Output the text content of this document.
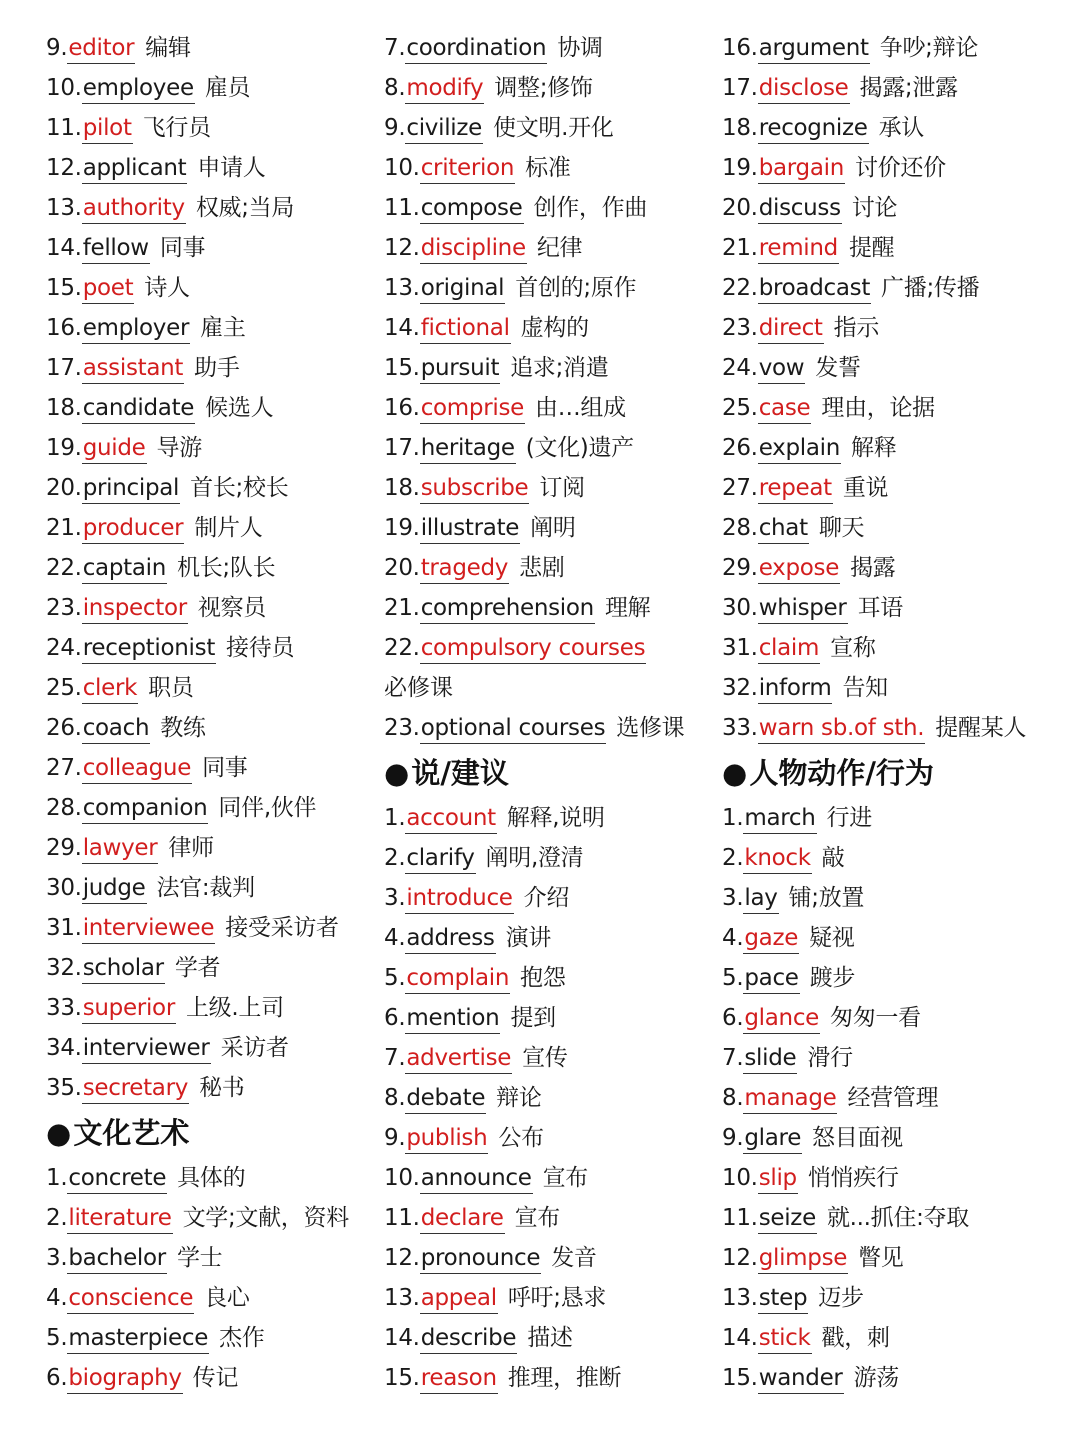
9.editor 编辑
10.employee 雇员
11.pilot 飞行员
12.applicant 申请人
13.authority 权威;当局
14.fellow 同事
15.poet 诗人
16.employer 雇主
17.assistant 助手
18.candidate 候选人
19.guide 导游
20.principal 首长;校长
21.producer 制片人
22.captain 机长;队长
23.inspector 视察员
24.receptionist 接待员
25.clerk 职员
26.coach 教练
27.colleague 同事
28.companion 同伴,伙伴
29.lawyer 律师
30.judge 法官:裁判
31.interviewee 接受采访者
32.scholar 学者
33.superior 上级.上司
34.interviewer 采访者
35.secretary 秘书
●文化艺术
1.concrete 具体的
2.literature 文学;文献，资料
3.bachelor 学士
4.conscience 良心
5.masterpiece 杰作
6.biography 传记
7.coordination 协调
8.modify 调整;修饰
9.civilize 使文明.开化
10.criterion 标准
11.compose 创作，作曲
12.discipline 纪律
13.original 首创的;原作
14.fictional 虚构的
15.pursuit 追求;消遣
16.comprise 由…组成
17.heritage (文化)遗产
18.subscribe 订阅
19.illustrate 阐明
20.tragedy 悲剧
21.comprehension 理解
22.compulsory courses
必修课
23.optional courses 选修课
●说/建议
1.account 解释,说明
2.clarify 阐明,澄清
3.introduce 介绍
4.address 演讲
5.complain 抱怨
6.mention 提到
7.advertise 宣传
8.debate 辩论
9.publish 公布
10.announce 宣布
11.declare 宣布
12.pronounce 发音
13.appeal 呼吁;恳求
14.describe 描述
15.reason 推理，推断
16.argument 争吵;辩论
17.disclose 揭露;泄露
18.recognize 承认
19.bargain 讨价还价
20.discuss 讨论
21.remind 提醒
22.broadcast 广播;传播
23.direct 指示
24.vow 发誓
25.case 理由，论据
26.explain 解释
27.repeat 重说
28.chat 聊天
29.expose 揭露
30.whisper 耳语
31.claim 宣称
32.inform 告知
33.warn sb.of sth. 提醒某人
●人物动作/行为
1.march 行进
2.knock 敲
3.lay 铺;放置
4.gaze 疑视
5.pace 踱步
6.glance 匆匆一看
7.slide 滑行
8.manage 经营管理
9.glare 怒目面视
10.slip 悄悄疾行
11.seize 就...抓住:夺取
12.glimpse 瞥见
13.step 迈步
14.stick 戳，刺
15.wander 游荡
